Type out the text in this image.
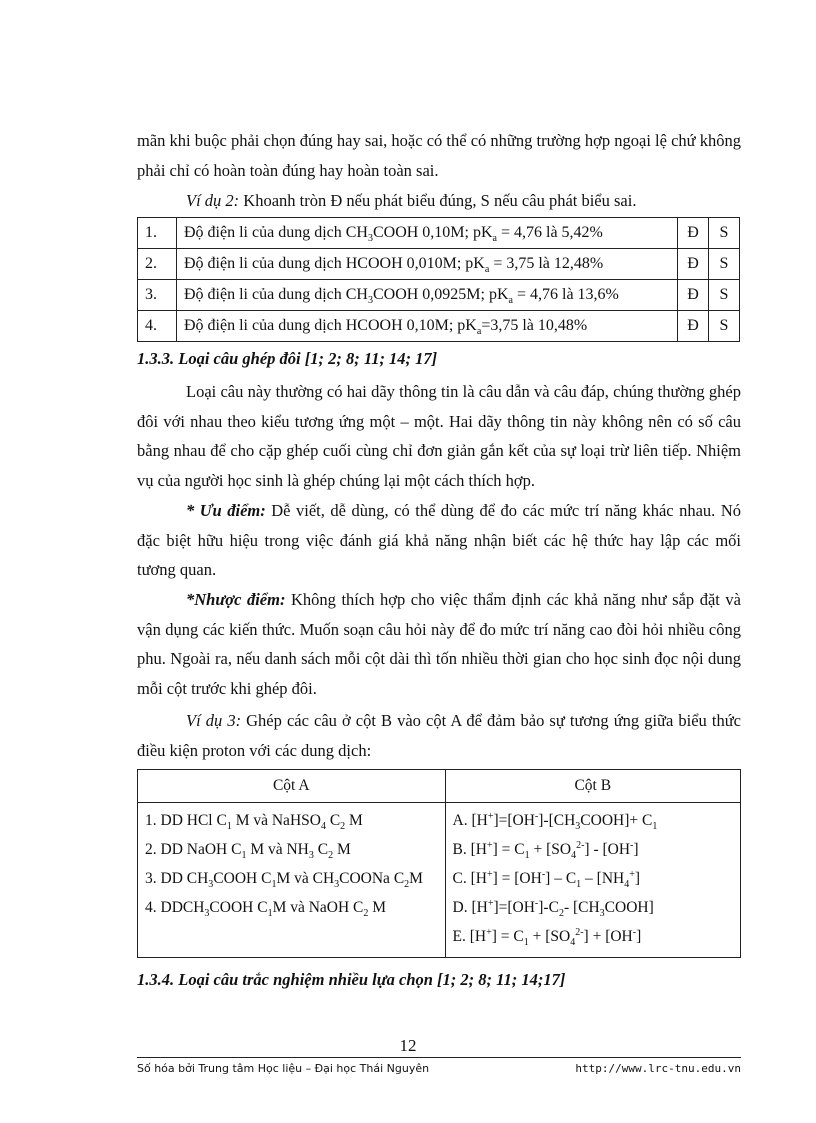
mãn khi buộc phải chọn đúng hay sai, hoặc có thể có những trường hợp ngoại lệ chứ không phải chỉ có hoàn toàn đúng hay hoàn toàn sai.

Ví dụ 2: Khoanh tròn Đ nếu phát biểu đúng, S nếu câu phát biểu sai.

1.	Độ điện li của dung dịch $CH_3COOH$ 0,10M; $pK_a = 4,76$ là 5,42%	Đ	S
2.	Độ điện li của dung dịch HCOOH 0,010M; $pK_a = 3,75$ là 12,48%	Đ	S
3.	Độ điện li của dung dịch $CH_3COOH$ 0,0925M; $pK_a = 4,76$ là 13,6%	Đ	S
4.	Độ điện li của dung dịch HCOOH 0,10M; $pK_a=3,75$ là 10,48%	Đ	S

1.3.3. Loại câu ghép đôi [1; 2; 8; 11; 14; 17]

Loại câu này thường có hai dãy thông tin là câu dẫn và câu đáp, chúng thường ghép đôi với nhau theo kiểu tương ứng một – một. Hai dãy thông tin này không nên có số câu bằng nhau để cho cặp ghép cuối cùng chỉ đơn giản gắn kết của sự loại trừ liên tiếp. Nhiệm vụ của người học sinh là ghép chúng lại một cách thích hợp.

* Ưu điểm: Dễ viết, dễ dùng, có thể dùng để đo các mức trí năng khác nhau. Nó đặc biệt hữu hiệu trong việc đánh giá khả năng nhận biết các hệ thức hay lập các mối tương quan.

*Nhược điểm: Không thích hợp cho việc thẩm định các khả năng như sắp đặt và vận dụng các kiến thức. Muốn soạn câu hỏi này để đo mức trí năng cao đòi hỏi nhiều công phu. Ngoài ra, nếu danh sách mỗi cột dài thì tốn nhiều thời gian cho học sinh đọc nội dung mỗi cột trước khi ghép đôi.

Ví dụ 3: Ghép các câu ở cột B vào cột A để đảm bảo sự tương ứng giữa biểu thức điều kiện proton với các dung dịch:

Cột A	Cột B
1. DD HCl $C_1$ M và NaHSO$_4$ $C_2$ M	A. $[H^+]=[OH^-]-[CH_3COOH]+ C_1$
2. DD NaOH $C_1$ M và $NH_3$ $C_2$ M	B. $[H^+] = C_1 + [SO_4^{2-}] - [OH^-]$
3. DD $CH_3COOH$ $C_1M$ và $CH_3COONa$ $C_2M$	C. $[H^+] = [OH^-] - C_1 - [NH_4^+]$
4. $DDCH_3COOH$ $C_1M$ và NaOH $C_2$ M	D. $[H^+]=[OH^-]-C_2-$ $[CH_3COOH]$
	E. $[H^+] = C_1 + [SO_4^{2-}] + [OH^-]$

1.3.4. Loại câu trắc nghiệm nhiều lựa chọn [1; 2; 8; 11; 14;17]

12
Số hóa bởi Trung tâm Học liệu – Đại học Thái Nguyên	http://www.lrc-tnu.edu.vn
